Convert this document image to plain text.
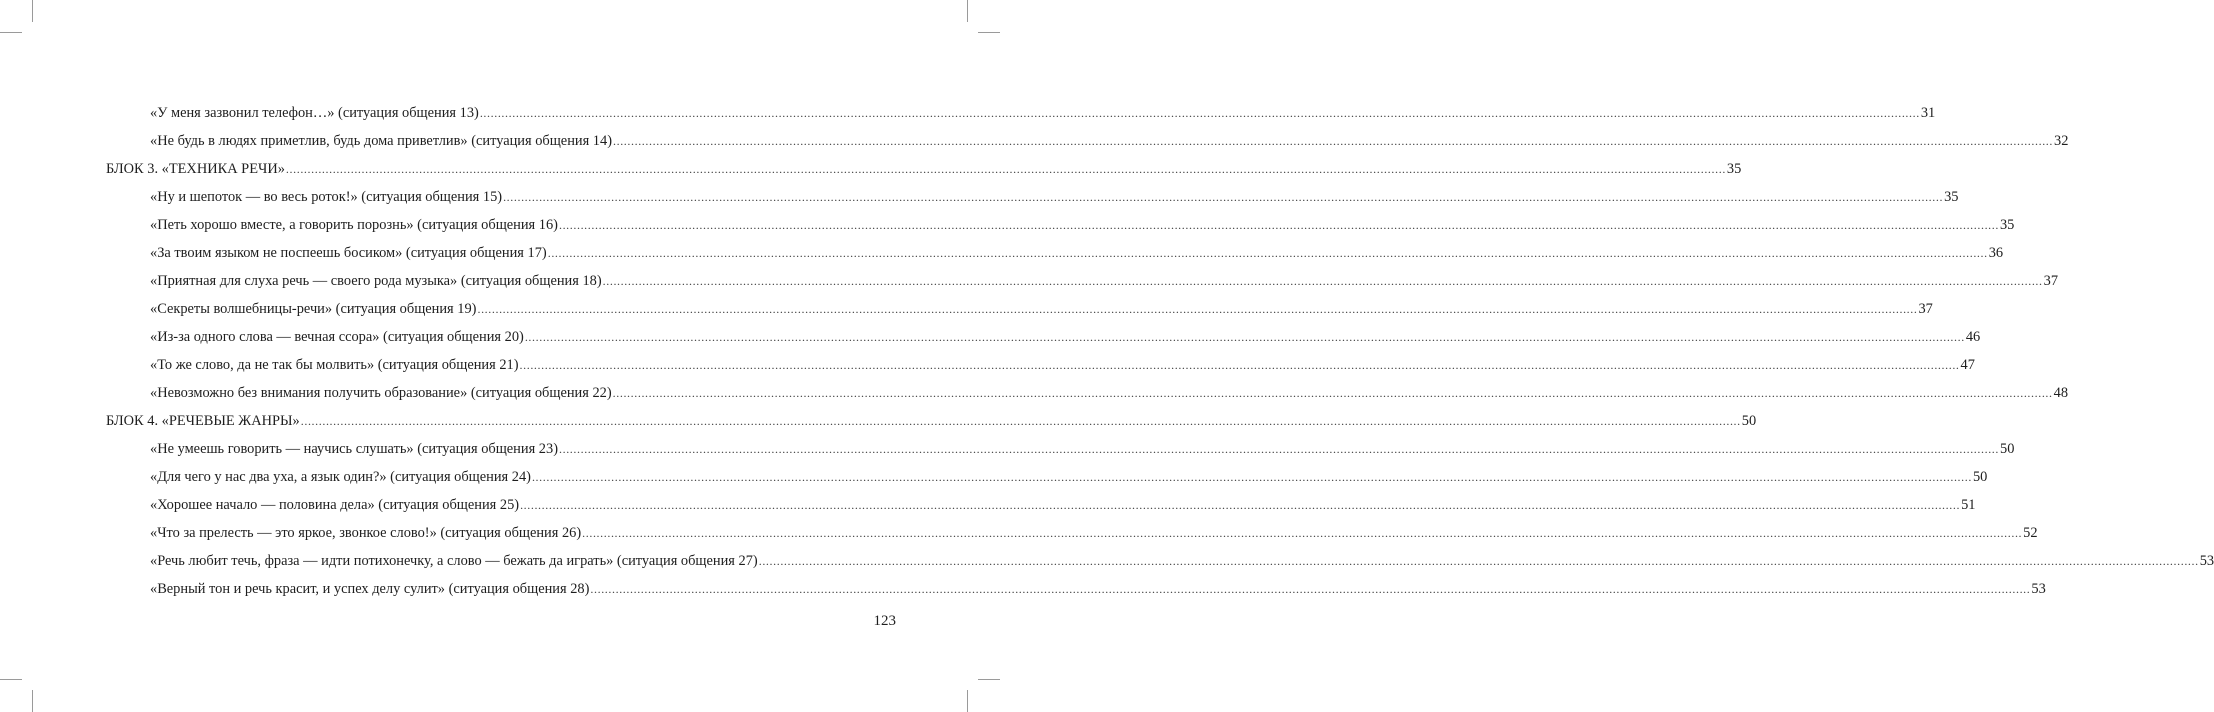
«У меня зазвонил телефон…» (ситуация общения 13) ................................................................................................................................................................................................................................................................................................................................................................................................................ 31
«Не будь в людях приметлив, будь дома приветлив» (ситуация общения 14) ................................................................................................................................................................................................................................................................................................................................................................................................................ 32
БЛОК 3. «ТЕХНИКА РЕЧИ» ................................................................................................................................................................................................................................................................................................................................................................................................................ 35
«Ну и шепоток — во весь роток!» (ситуация общения 15) ................................................................................................................................................................................................................................................................................................................................................................................................................ 35
«Петь хорошо вместе, а говорить порознь» (ситуация общения 16) ................................................................................................................................................................................................................................................................................................................................................................................................................ 35
«За твоим языком не поспеешь босиком» (ситуация общения 17) ................................................................................................................................................................................................................................................................................................................................................................................................................ 36
«Приятная для слуха речь — своего рода музыка» (ситуация общения 18) ................................................................................................................................................................................................................................................................................................................................................................................................................ 37
«Секреты волшебницы-речи» (ситуация общения 19) ................................................................................................................................................................................................................................................................................................................................................................................................................ 37
«Из-за одного слова — вечная ссора» (ситуация общения 20) ................................................................................................................................................................................................................................................................................................................................................................................................................ 46
«То же слово, да не так бы молвить» (ситуация общения 21) ................................................................................................................................................................................................................................................................................................................................................................................................................ 47
«Невозможно без внимания получить образование» (ситуация общения 22) ................................................................................................................................................................................................................................................................................................................................................................................................................ 48
БЛОК 4. «РЕЧЕВЫЕ ЖАНРЫ» ................................................................................................................................................................................................................................................................................................................................................................................................................ 50
«Не умеешь говорить — научись слушать» (ситуация общения 23) ................................................................................................................................................................................................................................................................................................................................................................................................................ 50
«Для чего у нас два уха, а язык один?» (ситуация общения 24) ................................................................................................................................................................................................................................................................................................................................................................................................................ 50
«Хорошее начало — половина дела» (ситуация общения 25) ................................................................................................................................................................................................................................................................................................................................................................................................................ 51
«Что за прелесть — это яркое, звонкое слово!» (ситуация общения 26) ................................................................................................................................................................................................................................................................................................................................................................................................................ 52
«Речь любит течь, фраза — идти потихонечку, а слово — бежать да играть» (ситуация общения 27) ................................................................................................................................................................................................................................................................................................................................................................................................................ 53
«Верный тон и речь красит, и успех делу сулит» (ситуация общения 28) ................................................................................................................................................................................................................................................................................................................................................................................................................ 53
123
